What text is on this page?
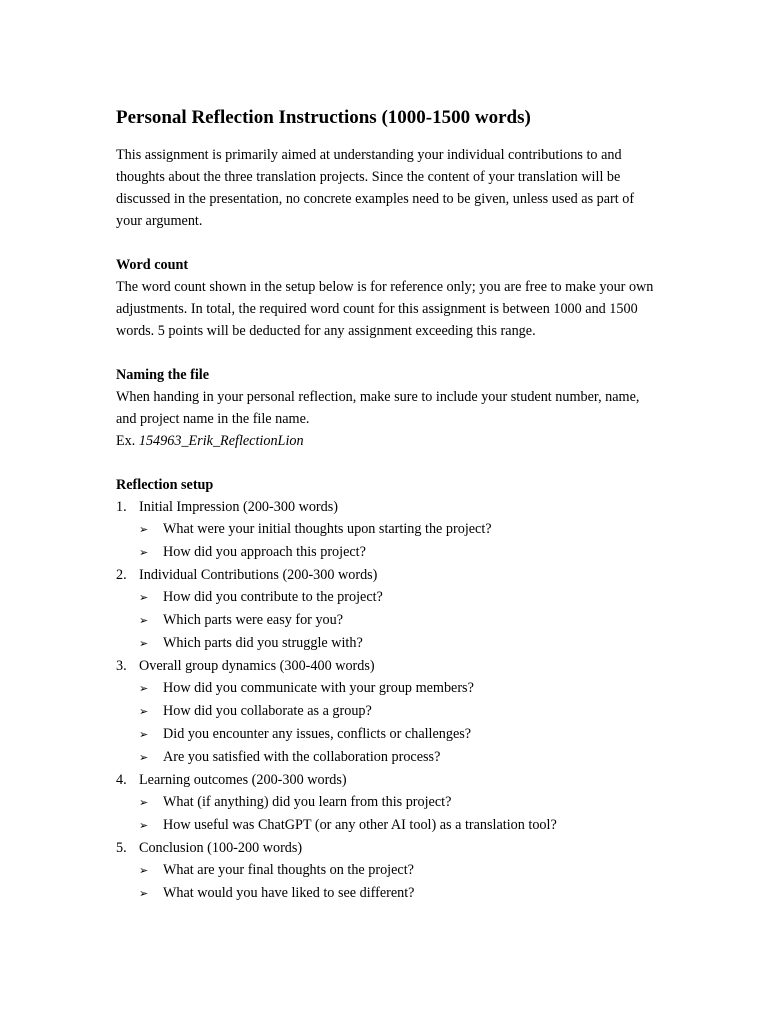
Personal Reflection Instructions (1000-1500 words)

This assignment is primarily aimed at understanding your individual contributions to and thoughts about the three translation projects. Since the content of your translation will be discussed in the presentation, no concrete examples need to be given, unless used as part of your argument.

Word count

The word count shown in the setup below is for reference only; you are free to make your own adjustments. In total, the required word count for this assignment is between 1000 and 1500 words. 5 points will be deducted for any assignment exceeding this range.

Naming the file

When handing in your personal reflection, make sure to include your student number, name, and project name in the file name.

Ex. 154963_Erik_ReflectionLion

Reflection setup

1. Initial Impression (200-300 words)
➢ What were your initial thoughts upon starting the project?
➢ How did you approach this project?
2. Individual Contributions (200-300 words)
➢ How did you contribute to the project?
➢ Which parts were easy for you?
➢ Which parts did you struggle with?
3. Overall group dynamics (300-400 words)
➢ How did you communicate with your group members?
➢ How did you collaborate as a group?
➢ Did you encounter any issues, conflicts or challenges?
➢ Are you satisfied with the collaboration process?
4. Learning outcomes (200-300 words)
➢ What (if anything) did you learn from this project?
➢ How useful was ChatGPT (or any other AI tool) as a translation tool?
5. Conclusion (100-200 words)
➢ What are your final thoughts on the project?
➢ What would you have liked to see different?
